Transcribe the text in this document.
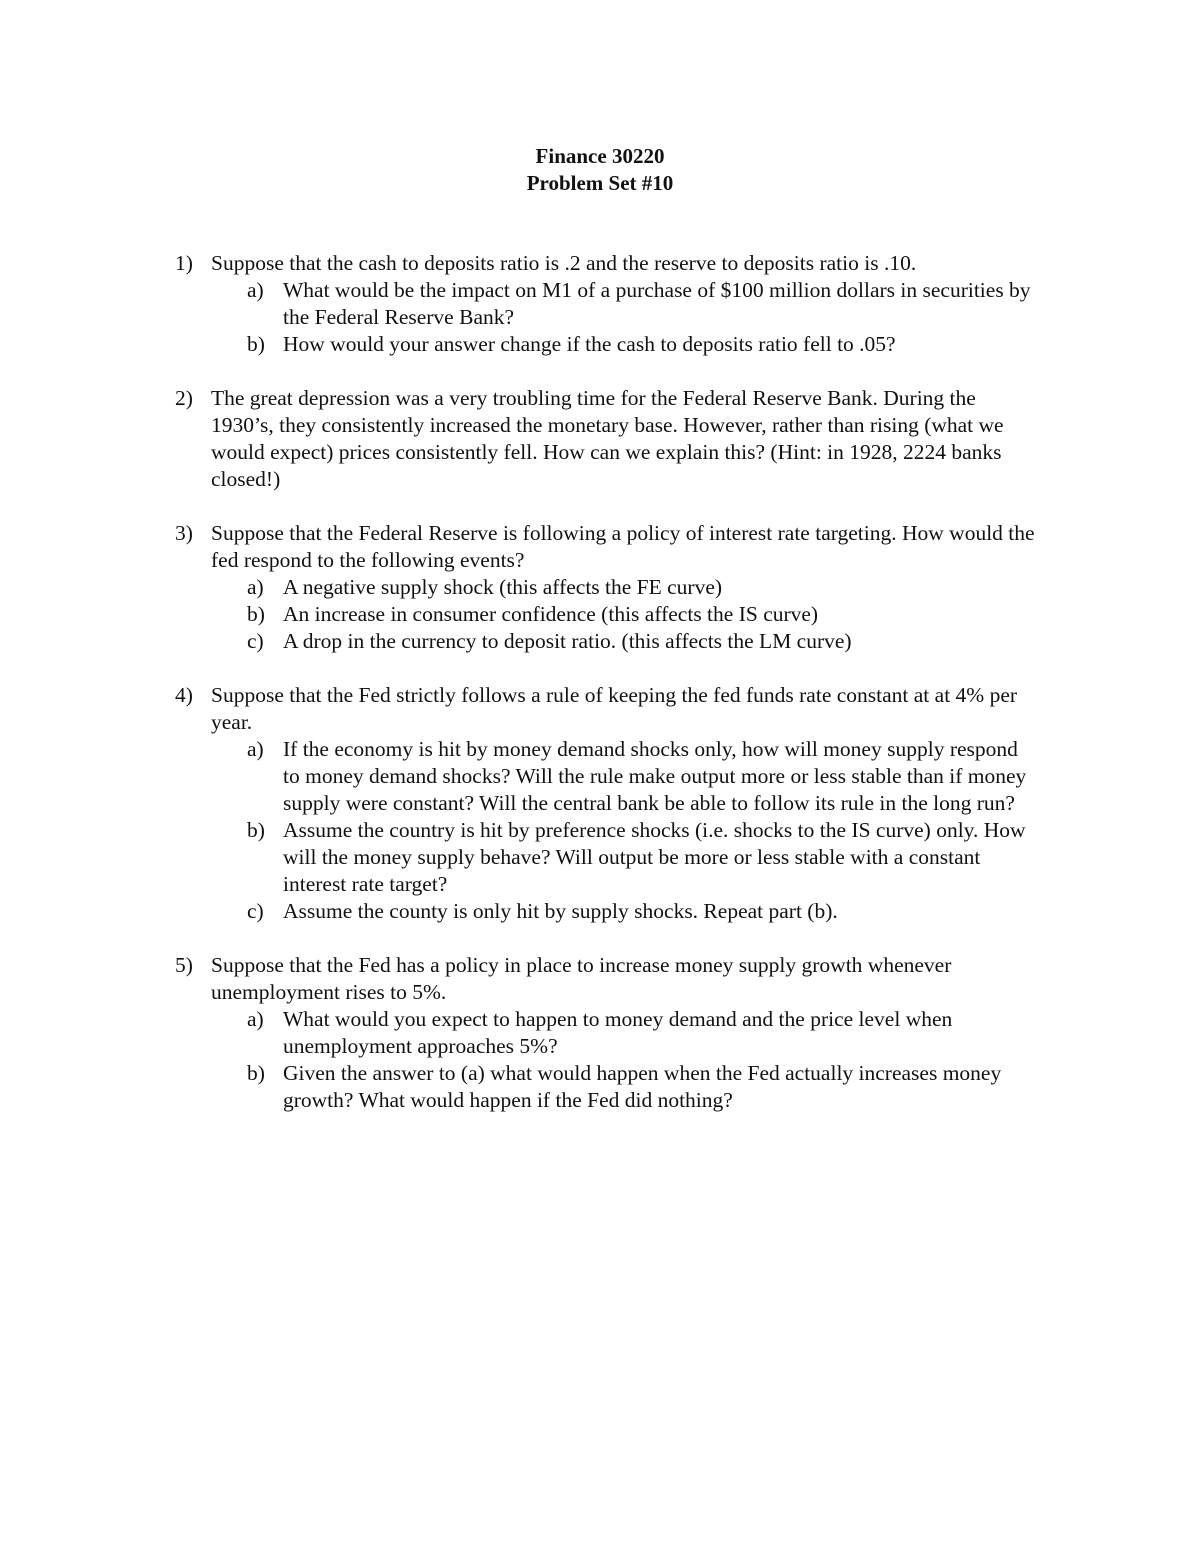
Finance 30220
Problem Set #10
1) Suppose that the cash to deposits ratio is .2 and the reserve to deposits ratio is .10.
a) What would be the impact on M1 of a purchase of $100 million dollars in securities by the Federal Reserve Bank?
b) How would your answer change if the cash to deposits ratio fell to .05?
2) The great depression was a very troubling time for the Federal Reserve Bank. During the 1930’s, they consistently increased the monetary base. However, rather than rising (what we would expect) prices consistently fell. How can we explain this? (Hint: in 1928, 2224 banks closed!)
3) Suppose that the Federal Reserve is following a policy of interest rate targeting. How would the fed respond to the following events?
a) A negative supply shock (this affects the FE curve)
b) An increase in consumer confidence (this affects the IS curve)
c) A drop in the currency to deposit ratio. (this affects the LM curve)
4) Suppose that the Fed strictly follows a rule of keeping the fed funds rate constant at at 4% per year.
a) If the economy is hit by money demand shocks only, how will money supply respond to money demand shocks? Will the rule make output more or less stable than if money supply were constant? Will the central bank be able to follow its rule in the long run?
b) Assume the country is hit by preference shocks (i.e. shocks to the IS curve) only. How will the money supply behave? Will output be more or less stable with a constant interest rate target?
c) Assume the county is only hit by supply shocks. Repeat part (b).
5) Suppose that the Fed has a policy in place to increase money supply growth whenever unemployment rises to 5%.
a) What would you expect to happen to money demand and the price level when unemployment approaches 5%?
b) Given the answer to (a) what would happen when the Fed actually increases money growth? What would happen if the Fed did nothing?
